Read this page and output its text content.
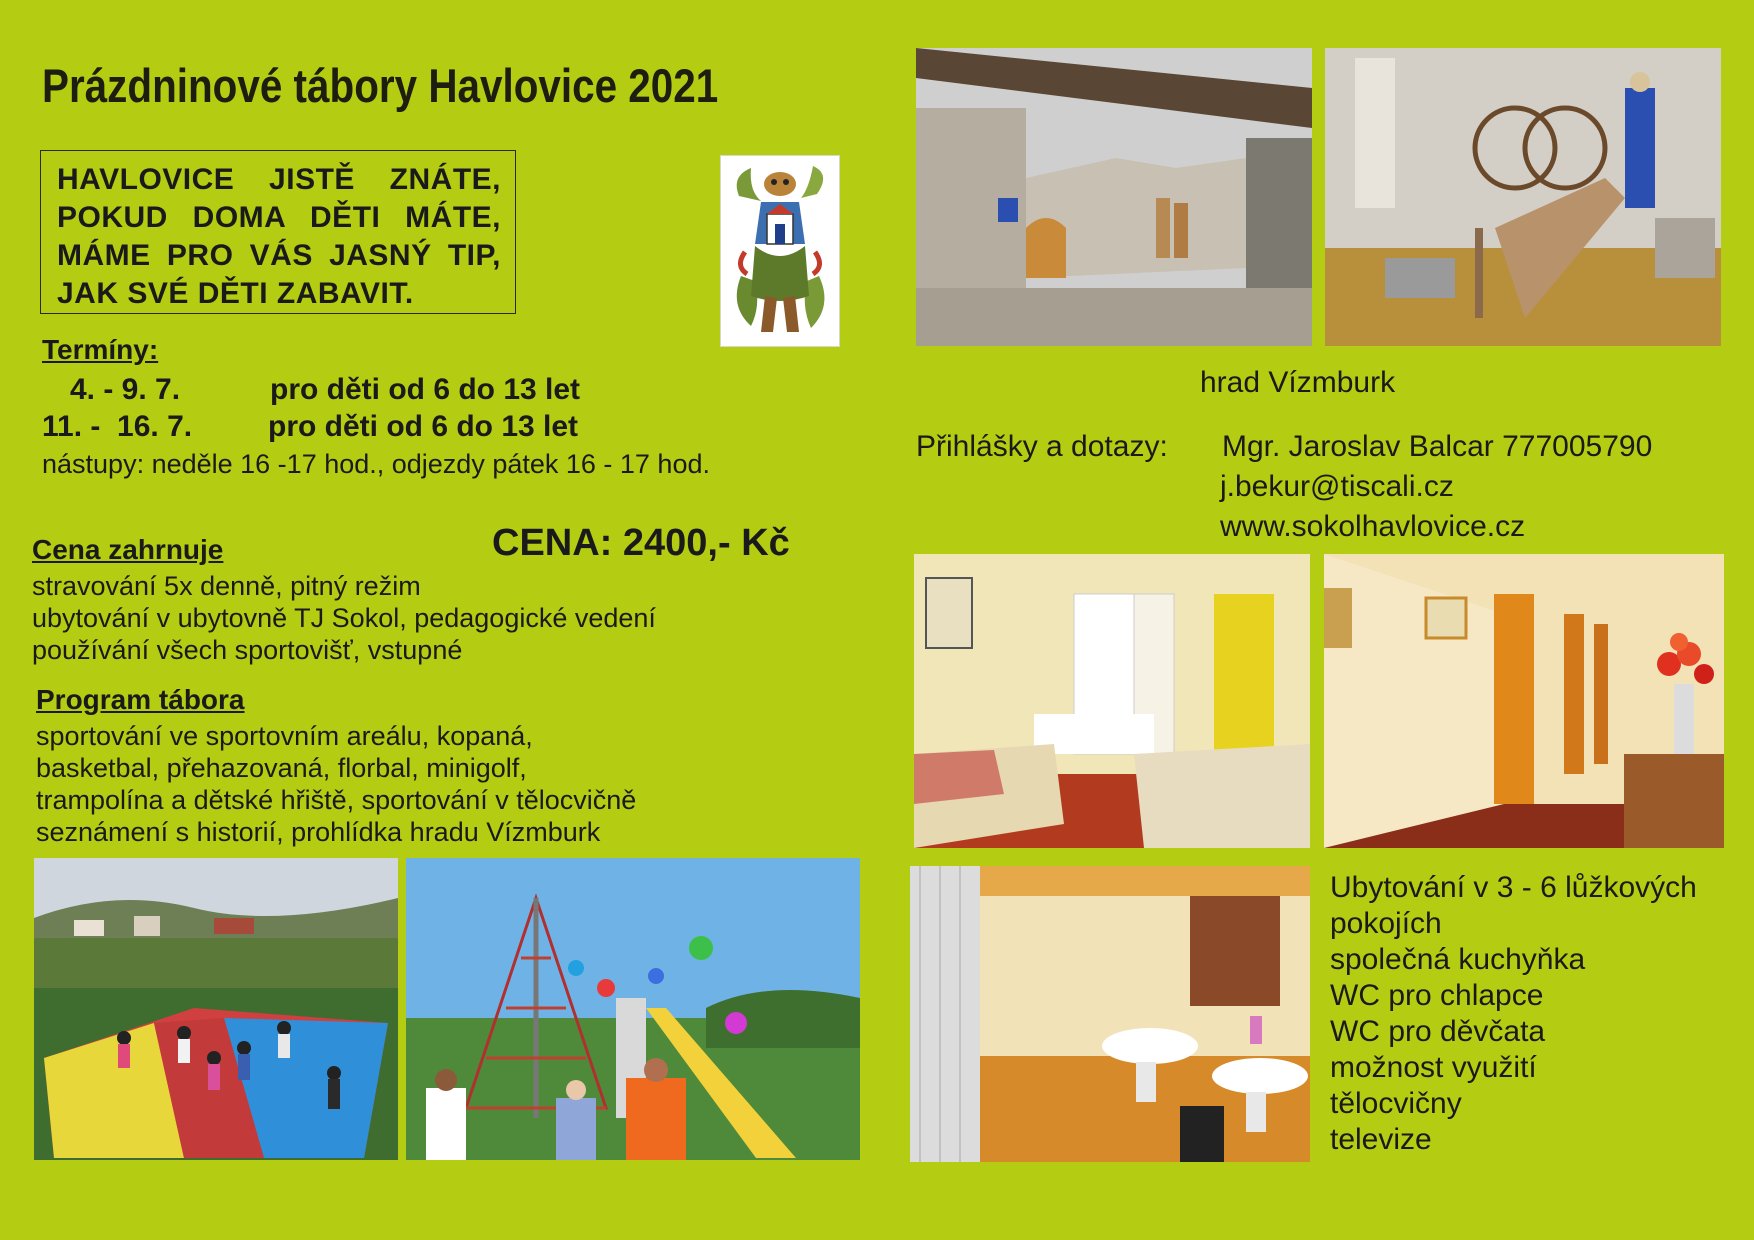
Prázdninové tábory Havlovice 2021
HAVLOVICE JISTĚ ZNÁTE,
POKUD DOMA DĚTI MÁTE,
MÁME PRO VÁS JASNÝ TIP,
JAK SVÉ DĚTI ZABAVIT.
Termíny:
4. - 9. 7.	pro děti od 6 do 13 let
11. -  16. 7.	pro děti od 6 do 13 let
nástupy: neděle 16 -17 hod., odjezdy pátek 16 - 17 hod.
Cena zahrnuje	CENA: 2400,- Kč
stravování 5x denně, pitný režim
ubytování v ubytovně TJ Sokol, pedagogické vedení
používání všech sportovišť, vstupné
Program tábora
sportování ve sportovním areálu, kopaná,
basketbal, přehazovaná, florbal, minigolf,
trampolína a dětské hřiště, sportování v tělocvičně
seznámení s historií, prohlídka hradu Vízmburk
hrad Vízmburk
Přihlášky a dotazy: Mgr. Jaroslav Balcar 777005790
j.bekur@tiscali.cz
www.sokolhavlovice.cz
Ubytování v 3 - 6 lůžkových
pokojích
společná kuchyňka
WC pro chlapce
WC pro děvčata
možnost využití
tělocvičny
televize
